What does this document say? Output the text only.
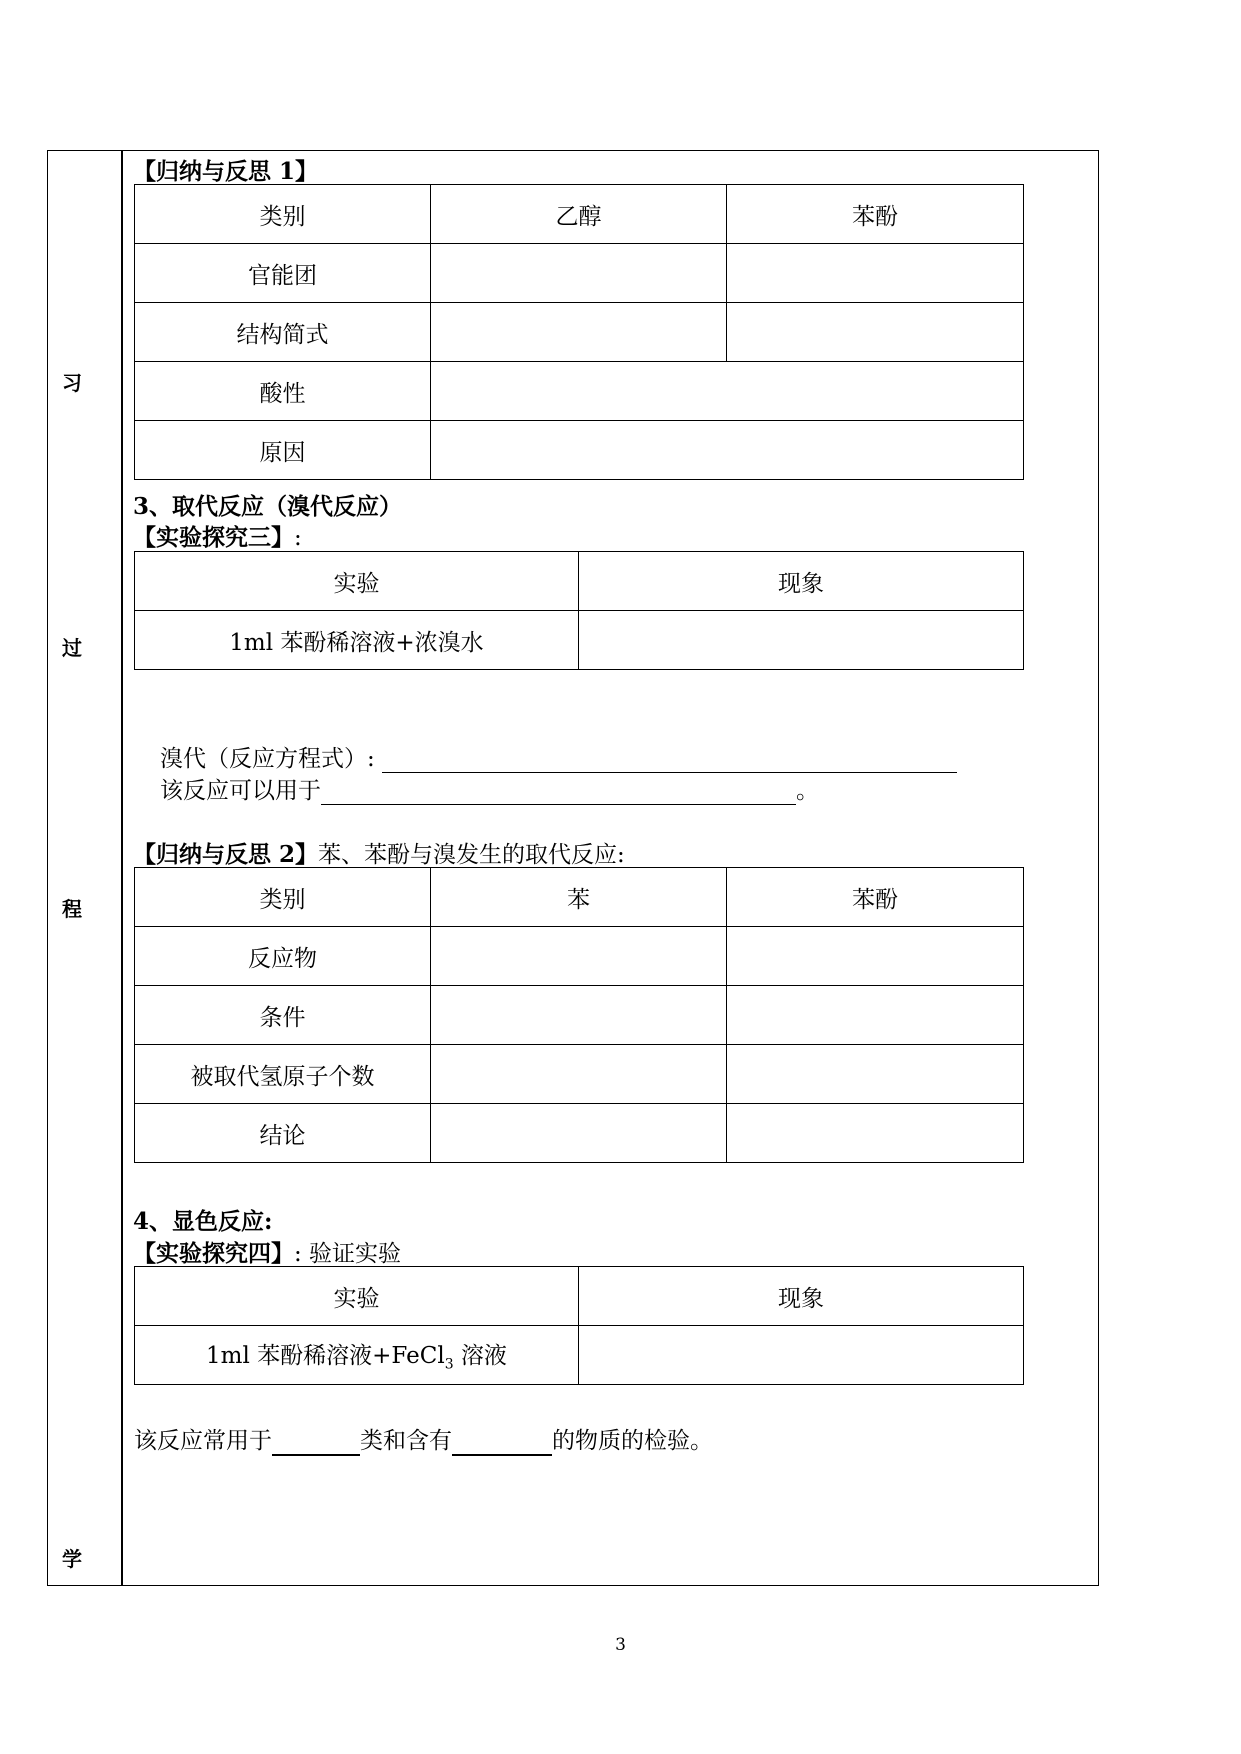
习
过
程
学
【归纳与反思 1】
类别	乙醇	苯酚
官能团		
结构简式		
酸性		
原因		
3、取代反应（溴代反应）
【实验探究三】:
实验	现象
1ml 苯酚稀溶液+浓溴水	
溴代（反应方程式）:
该反应可以用于	。
【归纳与反思 2】苯、苯酚与溴发生的取代反应:
类别	苯	苯酚
反应物		
条件		
被取代氢原子个数		
结论		
4、显色反应:
【实验探究四】: 验证实验
实验	现象
1ml 苯酚稀溶液+FeCl$_3$ 溶液	
该反应常用于	类和含有	的物质的检验。
3
